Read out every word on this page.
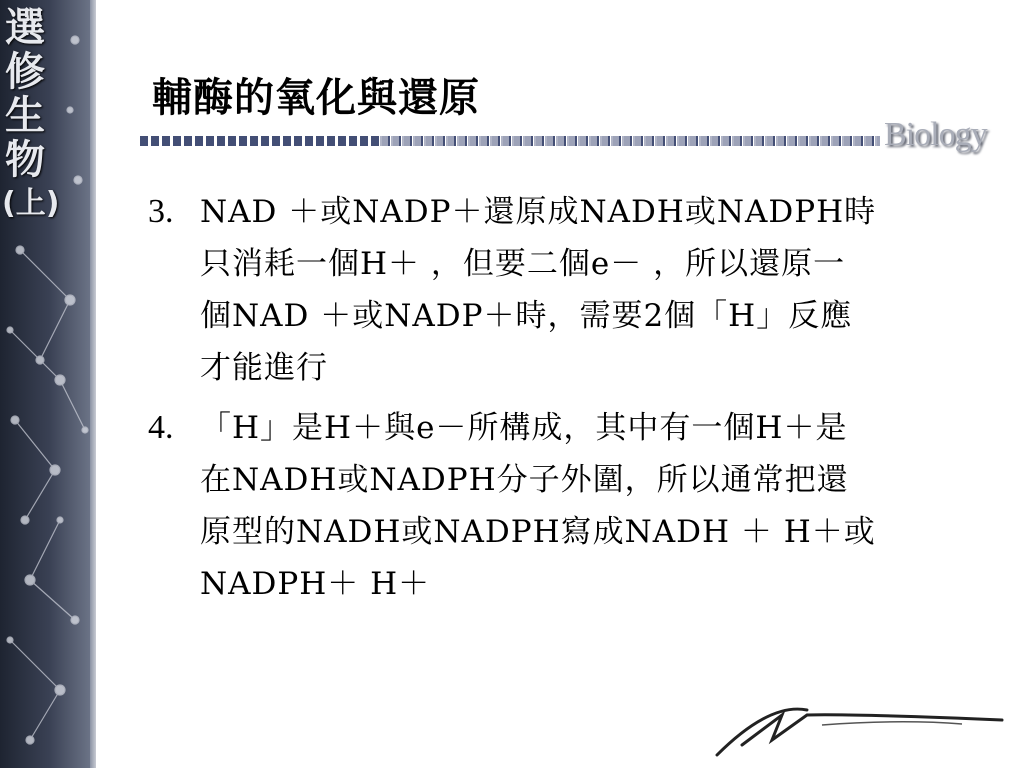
選
修
生
物
(上)
輔酶的氧化與還原
Biology
3. NAD ＋或NADP＋還原成NADH或NADPH時
只消耗一個H＋ ，但要二個e－ ，所以還原一
個NAD ＋或NADP＋時，需要2個「H」反應
才能進行
4. 「H」是H＋與e－所構成，其中有一個H＋是
在NADH或NADPH分子外圍，所以通常把還
原型的NADH或NADPH寫成NADH ＋ H＋或
NADPH＋ H＋
